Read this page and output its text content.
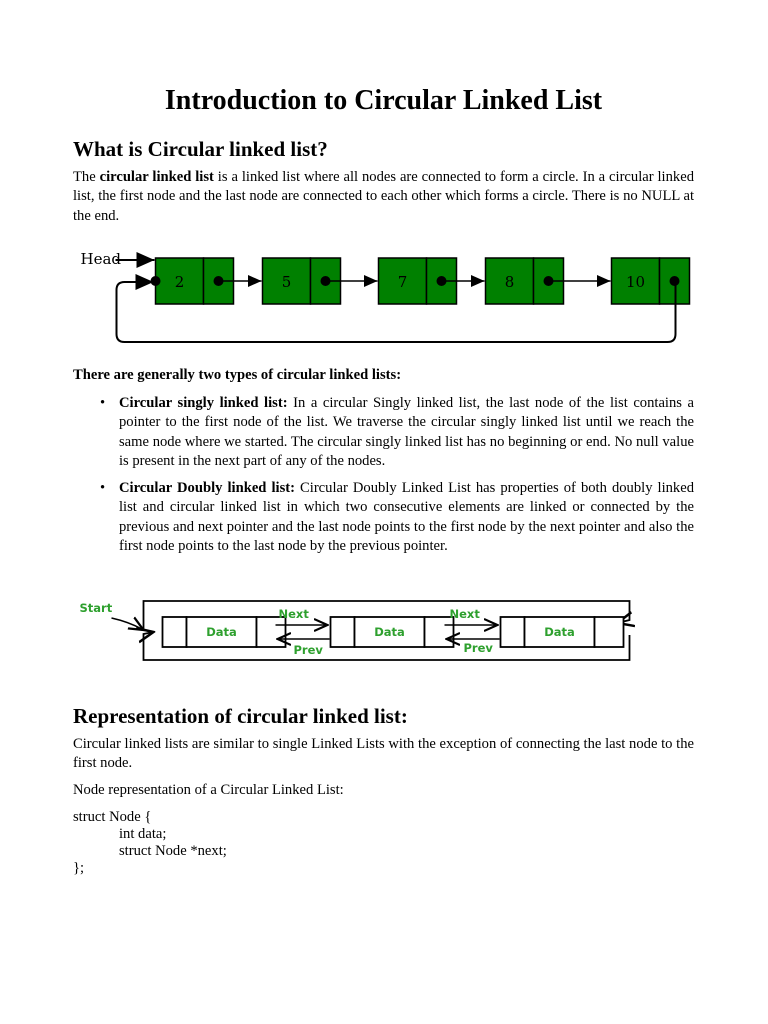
Introduction to Circular Linked List
What is Circular linked list?

The circular linked list is a linked list where all nodes are connected to form a circle. In a circular linked list, the first node and the last node are connected to each other which forms a circle. There is no NULL at the end.

Head
2	5	7	8	10

There are generally two types of circular linked lists:

• Circular singly linked list: In a circular Singly linked list, the last node of the list contains a pointer to the first node of the list. We traverse the circular singly linked list until we reach the same node where we started. The circular singly linked list has no beginning or end. No null value is present in the next part of any of the nodes.
• Circular Doubly linked list: Circular Doubly Linked List has properties of both doubly linked list and circular linked list in which two consecutive elements are linked or connected by the previous and next pointer and the last node points to the first node by the next pointer and also the first node points to the last node by the previous pointer.
Start
Data	Data	Data
Next
Prev
Next
Prev
Representation of circular linked list:

Circular linked lists are similar to single Linked Lists with the exception of connecting the last node to the first node.

Node representation of a Circular Linked List:

struct Node {
int data;
struct Node *next;
};
